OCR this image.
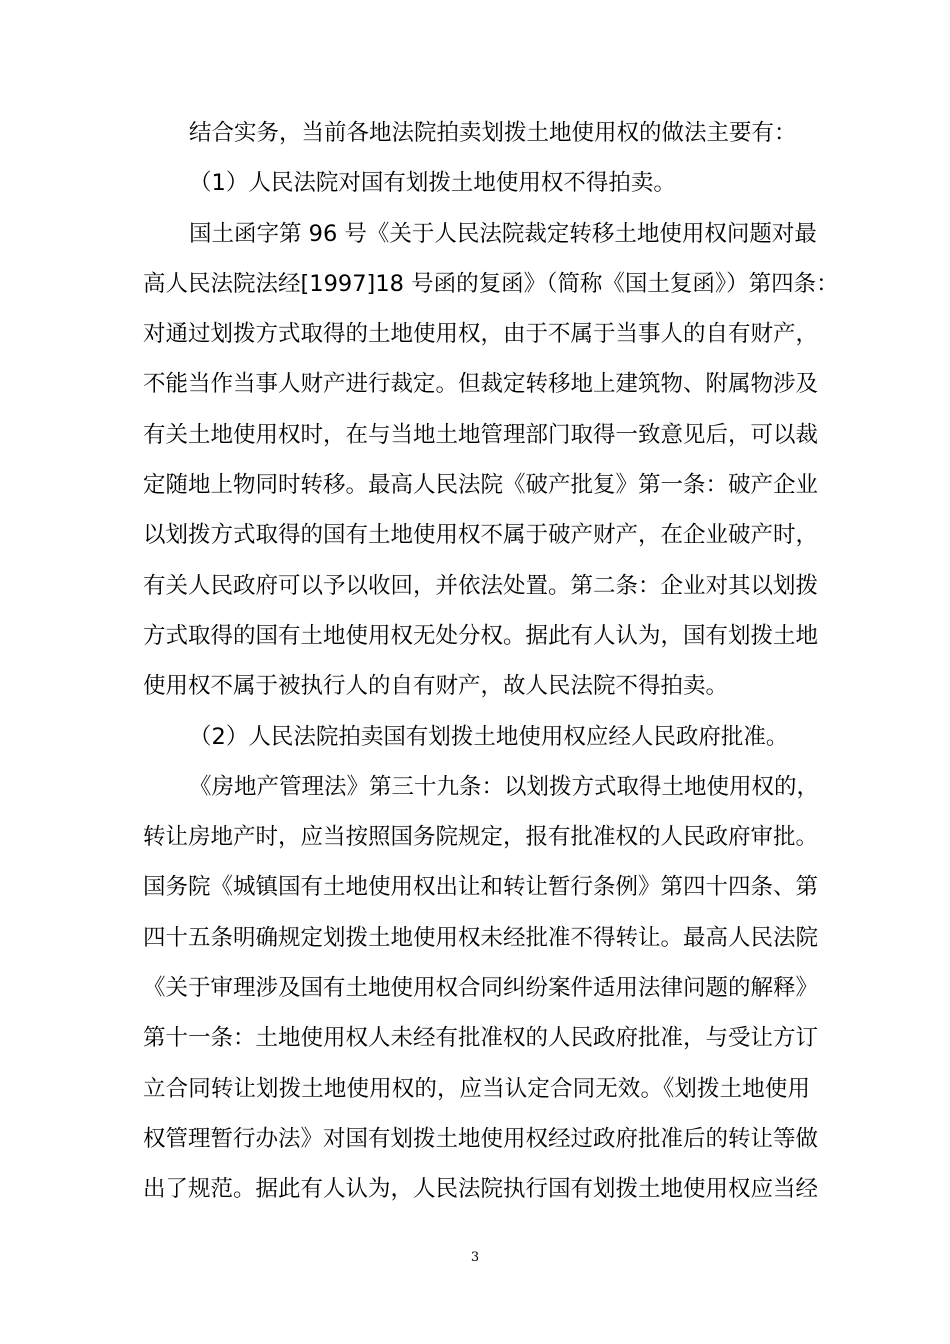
结合实务，当前各地法院拍卖划拨土地使用权的做法主要有：

（1）人民法院对国有划拨土地使用权不得拍卖。

国土函字第 96 号《关于人民法院裁定转移土地使用权问题对最

高人民法院法经[1997]18 号函的复函》（简称《国土复函》）第四条：

对通过划拨方式取得的土地使用权，由于不属于当事人的自有财产，

不能当作当事人财产进行裁定。但裁定转移地上建筑物、附属物涉及

有关土地使用权时，在与当地土地管理部门取得一致意见后，可以裁

定随地上物同时转移。最高人民法院《破产批复》第一条：破产企业

以划拨方式取得的国有土地使用权不属于破产财产，在企业破产时，

有关人民政府可以予以收回，并依法处置。第二条：企业对其以划拨

方式取得的国有土地使用权无处分权。据此有人认为，国有划拨土地

使用权不属于被执行人的自有财产，故人民法院不得拍卖。

（2）人民法院拍卖国有划拨土地使用权应经人民政府批准。

《房地产管理法》第三十九条：以划拨方式取得土地使用权的，

转让房地产时，应当按照国务院规定，报有批准权的人民政府审批。

国务院《城镇国有土地使用权出让和转让暂行条例》第四十四条、第

四十五条明确规定划拨土地使用权未经批准不得转让。最高人民法院

《关于审理涉及国有土地使用权合同纠纷案件适用法律问题的解释》

第十一条：土地使用权人未经有批准权的人民政府批准，与受让方订

立合同转让划拨土地使用权的，应当认定合同无效。《划拨土地使用

权管理暂行办法》对国有划拨土地使用权经过政府批准后的转让等做

出了规范。据此有人认为，人民法院执行国有划拨土地使用权应当经

3
